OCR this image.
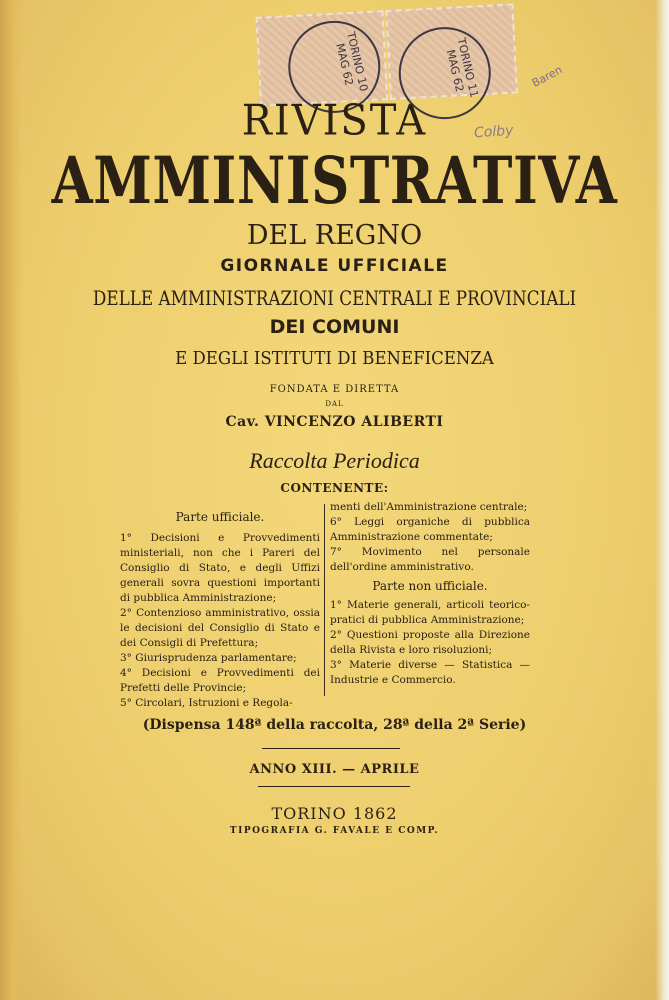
TORINO 10 MAG 62	TORINO 11 MAG 62	Baren
Colby
RIVISTA
AMMINISTRATIVA
DEL REGNO
GIORNALE UFFICIALE
DELLE AMMINISTRAZIONI CENTRALI E PROVINCIALI
DEI COMUNI
E DEGLI ISTITUTI DI BENEFICENZA
FONDATA E DIRETTA
DAL
Cav. VINCENZO ALIBERTI
Raccolta Periodica
CONTENENTE:
Parte ufficiale.
1° Decisioni e Provvedimenti ministeriali, non che i Pareri del Consiglio di Stato, e degli Uffizi generali sovra questioni importanti di pubblica Amministrazione;
2° Contenzioso amministrativo, ossia le decisioni del Consiglio di Stato e dei Consigli di Prefettura;
3° Giurisprudenza parlamentare;
4° Decisioni e Provvedimenti dei Prefetti delle Provincie;
5° Circolari, Istruzioni e Regola-
menti dell'Amministrazione centrale;
6° Leggi organiche di pubblica Amministrazione commentate;
7° Movimento nel personale dell'ordine amministrativo.
Parte non ufficiale.
1° Materie generali, articoli teorico-pratici di pubblica Amministrazione;
2° Questioni proposte alla Direzione della Rivista e loro risoluzioni;
3° Materie diverse — Statistica — Industrie e Commercio.
(Dispensa 148ª della raccolta, 28ª della 2ª Serie)
ANNO XIII. — APRILE
TORINO 1862
TIPOGRAFIA G. FAVALE E COMP.
